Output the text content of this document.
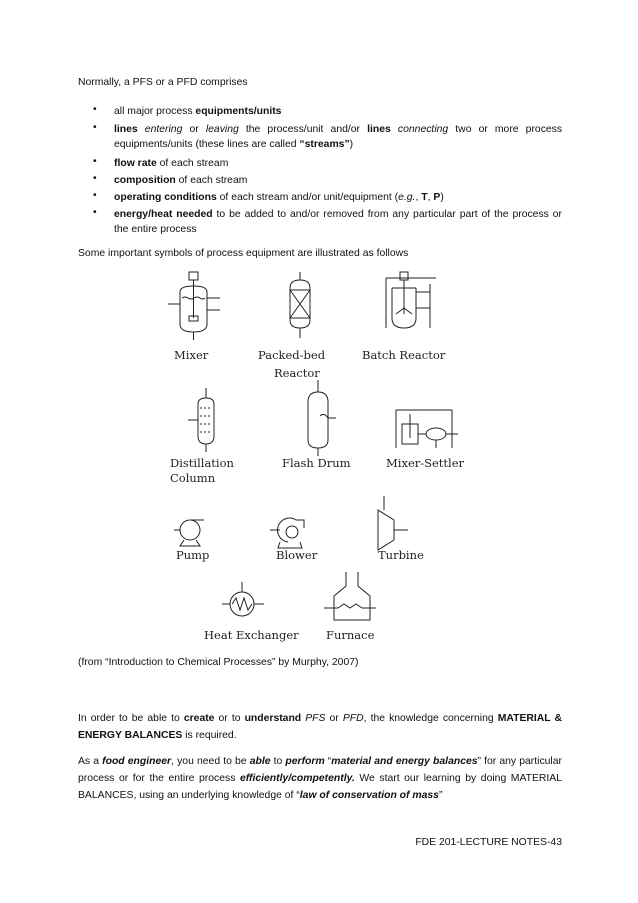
Normally, a PFS or a PFD comprises
• all major process equipments/units
• lines entering or leaving the process/unit and/or lines connecting two or more process equipments/units (these lines are called “streams”)
• flow rate of each stream
• composition of each stream
• operating conditions of each stream and/or unit/equipment (e.g., T, P)
• energy/heat needed to be added to and/or removed from any particular part of the process or the entire process
Some important symbols of process equipment are illustrated as follows
Mixer	Packed-bed
Reactor
Batch Reactor
Distillation
Column
Flash Drum	Mixer-Settler
Pump	Blower	Turbine
Heat Exchanger Furnace
(from “Introduction to Chemical Processes” by Murphy, 2007)
In order to be able to create or to understand PFS or PFD, the knowledge concerning MATERIAL & ENERGY BALANCES is required.
As a food engineer, you need to be able to perform “material and energy balances” for any particular process or for the entire process efficiently/competently. We start our learning by doing MATERIAL BALANCES, using an underlying knowledge of “law of conservation of mass”
FDE 201-LECTURE NOTES-43
